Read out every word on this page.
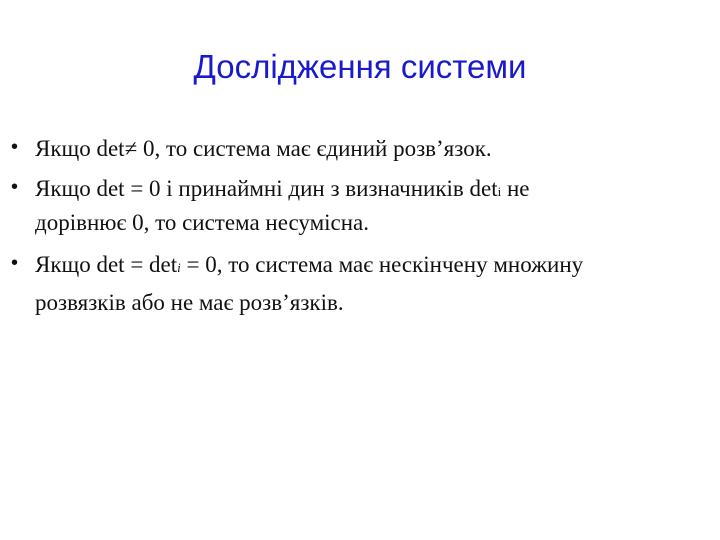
Дослідження системи
• Якщо det≠ 0, то система має єдиний розв’язок.
• Якщо det = 0 і принаймні дин з визначників deti не
дорівнює 0, то система несумісна.
• Якщо det = deti = 0, то система має нескінчену множину
розвязків або не має розв’язків.
